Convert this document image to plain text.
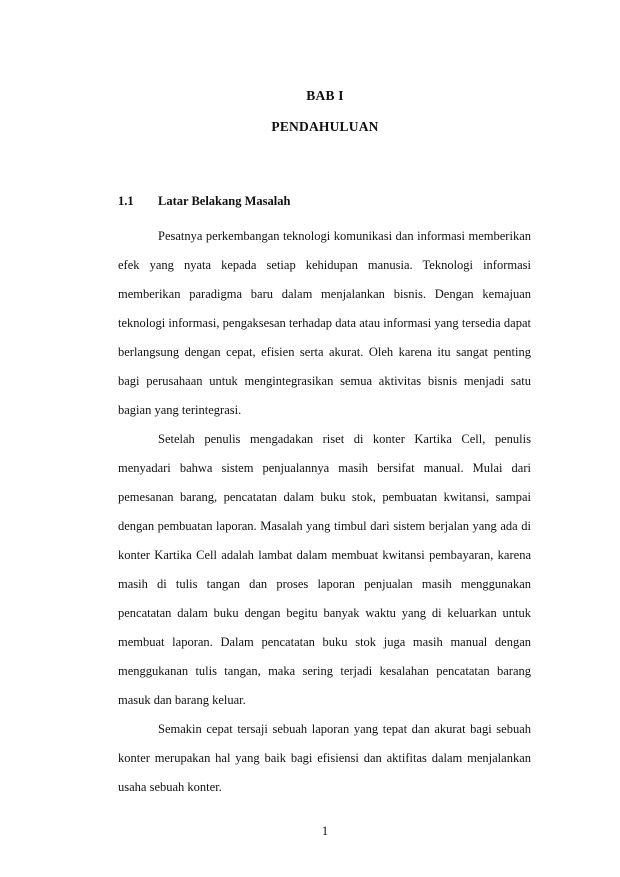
BAB I
PENDAHULUAN
1.1 Latar Belakang Masalah

Pesatnya perkembangan teknologi komunikasi dan informasi memberikan efek yang nyata kepada setiap kehidupan manusia. Teknologi informasi memberikan paradigma baru dalam menjalankan bisnis. Dengan kemajuan teknologi informasi, pengaksesan terhadap data atau informasi yang tersedia dapat berlangsung dengan cepat, efisien serta akurat. Oleh karena itu sangat penting bagi perusahaan untuk mengintegrasikan semua aktivitas bisnis menjadi satu bagian yang terintegrasi.

Setelah penulis mengadakan riset di konter Kartika Cell, penulis menyadari bahwa sistem penjualannya masih bersifat manual. Mulai dari pemesanan barang, pencatatan dalam buku stok, pembuatan kwitansi, sampai dengan pembuatan laporan. Masalah yang timbul dari sistem berjalan yang ada di konter Kartika Cell adalah lambat dalam membuat kwitansi pembayaran, karena masih di tulis tangan dan proses laporan penjualan masih menggunakan pencatatan dalam buku dengan begitu banyak waktu yang di keluarkan untuk membuat laporan. Dalam pencatatan buku stok juga masih manual dengan menggukanan tulis tangan, maka sering terjadi kesalahan pencatatan barang masuk dan barang keluar.

Semakin cepat tersaji sebuah laporan yang tepat dan akurat bagi sebuah konter merupakan hal yang baik bagi efisiensi dan aktifitas dalam menjalankan usaha sebuah konter.

1
